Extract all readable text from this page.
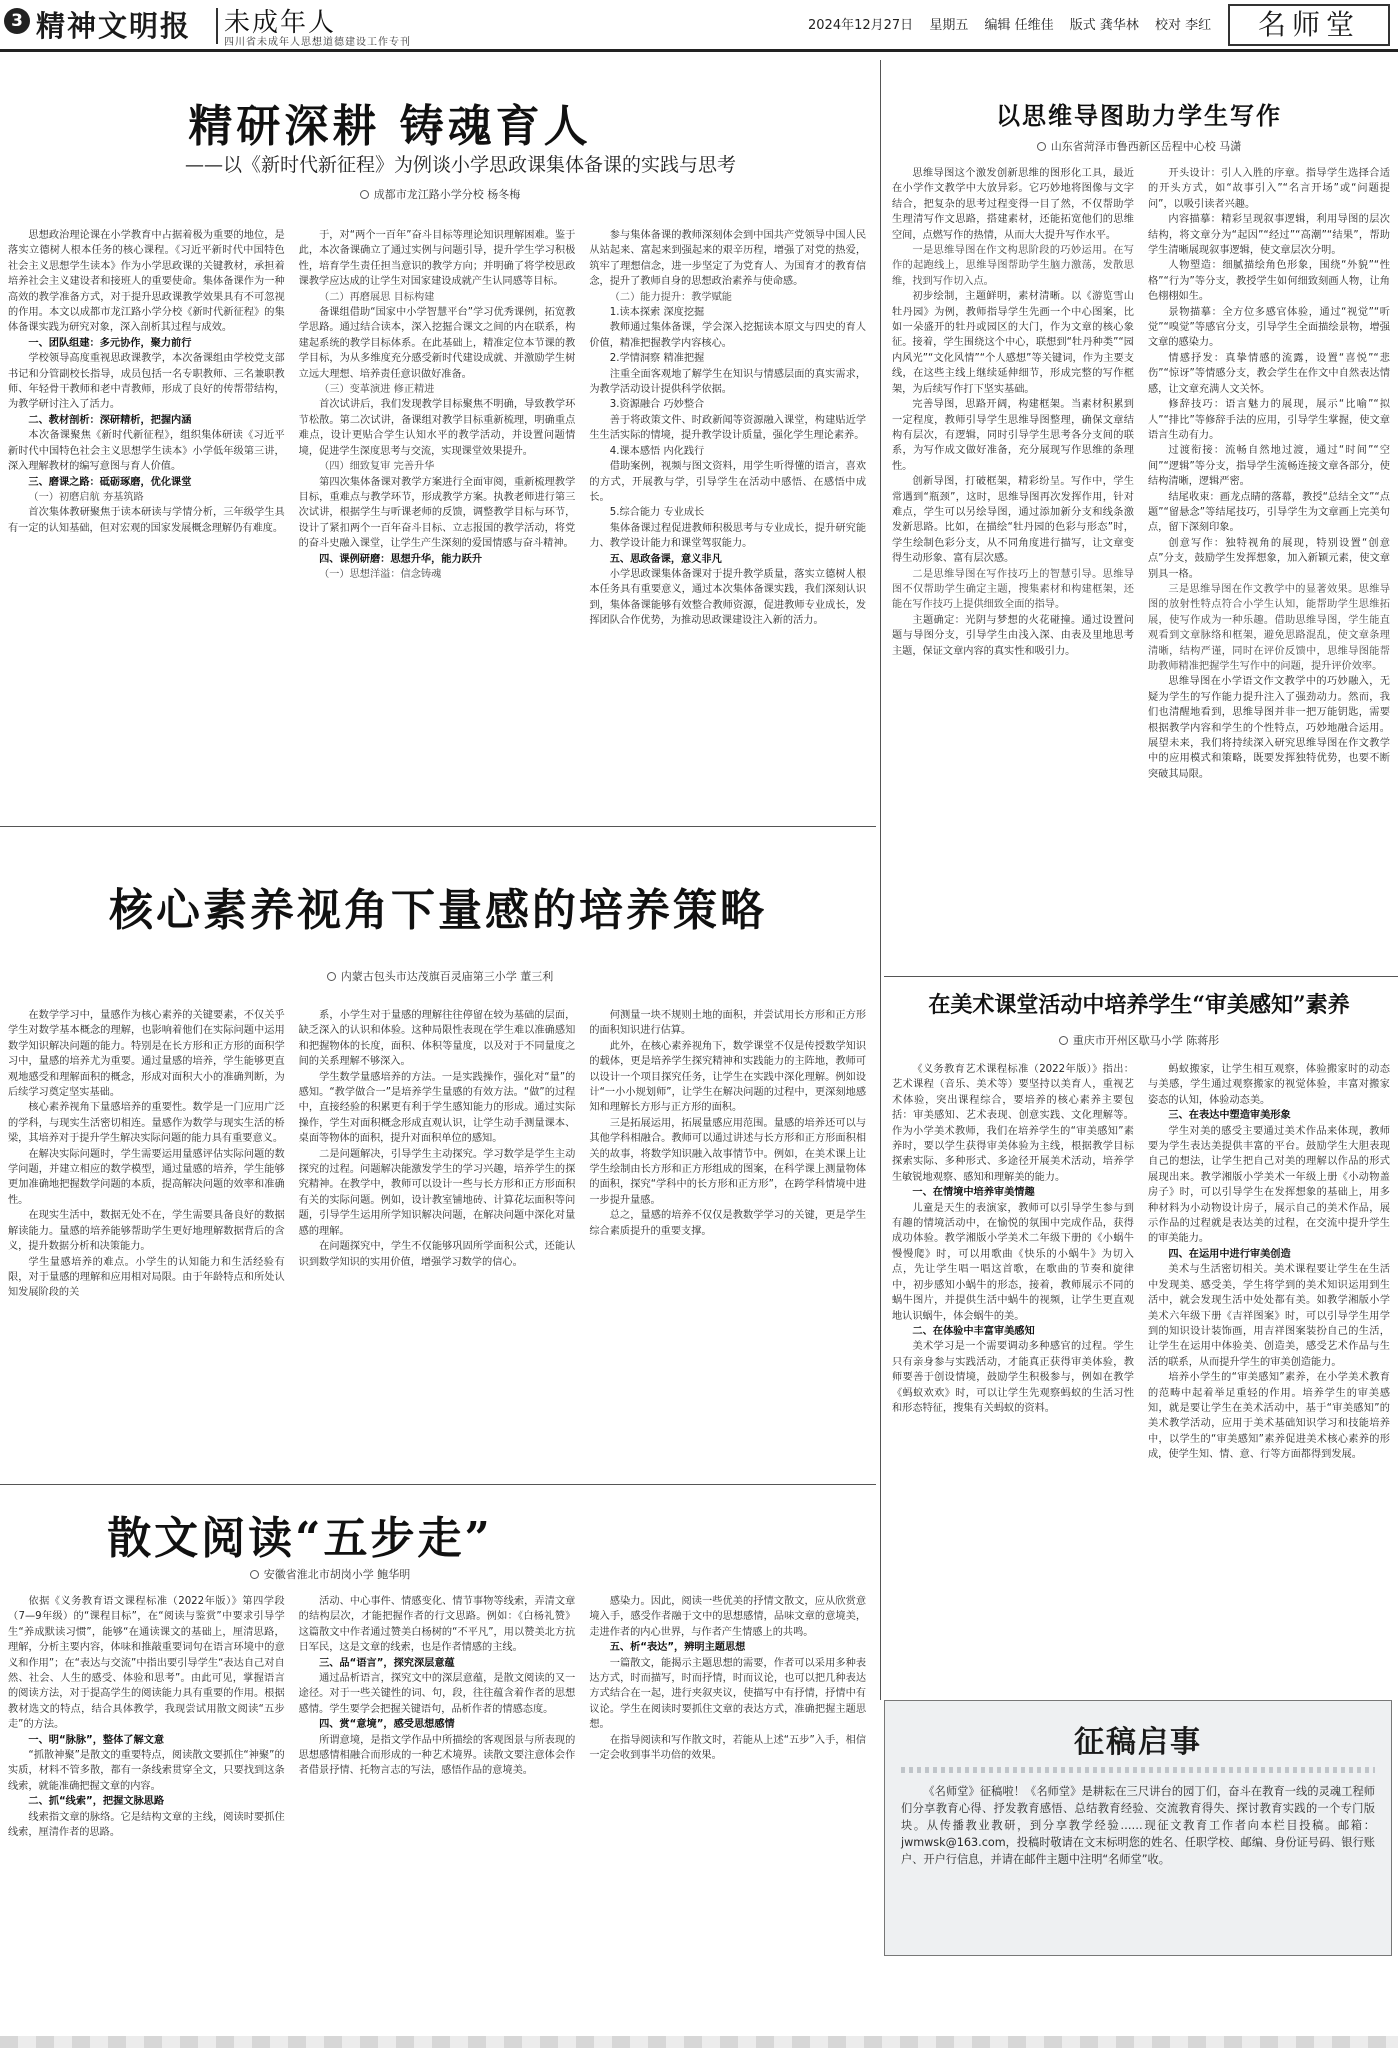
3 精神文明报 未成年人
四川省未成年人思想道德建设工作专刊
2024年12月27日 星期五 编辑 任维佳 版式 龚华林 校对 李红	名师堂
精研深耕 铸魂育人
——以《新时代新征程》为例谈小学思政课集体备课的实践与思考
成都市龙江路小学分校 杨冬梅

思想政治理论课在小学教育中占据着极为重要的地位，是落实立德树人根本任务的核心课程。《习近平新时代中国特色社会主义思想学生读本》作为小学思政课的关键教材，承担着培养社会主义建设者和接班人的重要使命。集体备课作为一种高效的教学准备方式，对于提升思政课教学效果具有不可忽视的作用。本文以成都市龙江路小学分校《新时代新征程》的集体备课实践为研究对象，深入剖析其过程与成效。

一、团队组建：多元协作，聚力前行

学校领导高度重视思政课教学，本次备课组由学校党支部书记和分管副校长指导，成员包括一名专职教师、三名兼职教师、年轻骨干教师和老中青教师，形成了良好的传帮带结构，为教学研讨注入了活力。

二、教材剖析：深研精析，把握内涵

本次备课聚焦《新时代新征程》，组织集体研读《习近平新时代中国特色社会主义思想学生读本》小学低年级第三讲，深入理解教材的编写意图与育人价值。

三、磨课之路：砥砺琢磨，优化课堂

（一）初磨启航 夯基筑路

首次集体教研聚焦于读本研读与学情分析，三年级学生具有一定的认知基础，但对宏观的国家发展概念理解仍有难度。

于，对“两个一百年”奋斗目标等理论知识理解困难。鉴于此，本次备课确立了通过实例与问题引导，提升学生学习积极性，培育学生责任担当意识的教学方向；并明确了将学校思政课教学应达成的让学生对国家建设成就产生认同感等目标。

（二）再磨展思 目标构建

备课组借助“国家中小学智慧平台”学习优秀课例，拓宽教学思路。通过结合读本，深入挖掘合课文之间的内在联系，构建起系统的教学目标体系。在此基础上，精准定位本节课的教学目标，为从多维度充分感受新时代建设成就、并激励学生树立远大理想、培养责任意识做好准备。

（三）变革演进 修正精进

首次试讲后，我们发现教学目标聚焦不明确，导致教学环节松散。第二次试讲，备课组对教学目标重新梳理，明确重点难点，设计更贴合学生认知水平的教学活动，并设置问题情境，促进学生深度思考与交流，实现课堂效果提升。

（四）细致复审 完善升华

第四次集体备课对教学方案进行全面审阅，重新梳理教学目标，重难点与教学环节，形成教学方案。执教老师进行第三次试讲，根据学生与听课老师的反馈，调整教学目标与环节，设计了紧扣两个一百年奋斗目标、立志报国的教学活动，将党的奋斗史融入课堂，让学生产生深刻的爱国情感与奋斗精神。

四、课例研磨：思想升华，能力跃升

（一）思想洋溢：信念铸魂

参与集体备课的教师深刻体会到中国共产党领导中国人民从站起来、富起来到强起来的艰辛历程，增强了对党的热爱，筑牢了理想信念，进一步坚定了为党育人、为国育才的教育信念，提升了教师自身的思想政治素养与使命感。

（二）能力提升：教学赋能

1.读本探索 深度挖掘

教师通过集体备课，学会深入挖掘读本原文与四史的育人价值，精准把握教学内容核心。

2.学情洞察 精准把握

注重全面客观地了解学生在知识与情感层面的真实需求，为教学活动设计提供科学依据。

3.资源融合 巧妙整合

善于将政策文件、时政新闻等资源融入课堂，构建贴近学生生活实际的情境，提升教学设计质量，强化学生理论素养。

4.课本感悟 内化践行

借助案例，视频与图文资料，用学生听得懂的语言，喜欢的方式，开展教与学，引导学生在活动中感悟、在感悟中成长。

5.综合能力 专业成长

集体备课过程促进教师积极思考与专业成长，提升研究能力、教学设计能力和课堂驾驭能力。

五、思政备课，意义非凡

小学思政课集体备课对于提升教学质量，落实立德树人根本任务具有重要意义，通过本次集体备课实践，我们深刻认识到，集体备课能够有效整合教师资源，促进教师专业成长，发挥团队合作优势，为推动思政课建设注入新的活力。

以思维导图助力学生写作
山东省菏泽市鲁西新区岳程中心校 马潇

思维导图这个激发创新思维的图形化工具，最近在小学作文教学中大放异彩。它巧妙地将图像与文字结合，把复杂的思考过程变得一目了然，不仅帮助学生理清写作文思路，搭建素材，还能拓宽他们的思维空间，点燃写作的热情，从而大大提升写作水平。

一是思维导图在作文构思阶段的巧妙运用。在写作的起跑线上，思维导图帮助学生脑力激荡，发散思维，找到写作切入点。

初步绘制，主题鲜明，素材清晰。以《游览雪山牡丹园》为例，教师指导学生先画一个中心图案，比如一朵盛开的牡丹或园区的大门，作为文章的核心象征。接着，学生围绕这个中心，联想到“牡丹种类”“园内风光”“文化风情”“个人感想”等关键词，作为主要支线，在这些主线上继续延伸细节，形成完整的写作框架，为后续写作打下坚实基础。

完善导图，思路开阔，构建框架。当素材积累到一定程度，教师引导学生思维导图整理，确保文章结构有层次，有逻辑，同时引导学生思考各分支间的联系，为写作成文做好准备，充分展现写作思维的条理性。

创新导图，打破框架，精彩纷呈。写作中，学生常遇到“瓶颈”，这时，思维导图再次发挥作用，针对难点，学生可以另绘导图，通过添加新分支和线条激发新思路。比如，在描绘“牡丹园的色彩与形态”时，学生绘制色彩分支，从不同角度进行描写，让文章变得生动形象、富有层次感。

二是思维导图在写作技巧上的智慧引导。思维导图不仅帮助学生确定主题，搜集素材和构建框架，还能在写作技巧上提供细致全面的指导。

主题确定：光阴与梦想的火花碰撞。通过设置问题与导图分支，引导学生由浅入深、由表及里地思考主题，保证文章内容的真实性和吸引力。

开头设计：引人入胜的序章。指导学生选择合适的开头方式，如“故事引入”“名言开场”或“问题提问”，以吸引读者兴趣。

内容描摹：精彩呈现叙事逻辑，利用导图的层次结构，将文章分为“起因”“经过”“高潮”“结果”，帮助学生清晰展现叙事逻辑，使文章层次分明。

人物塑造：细腻描绘角色形象，围绕“外貌”“性格”“行为”等分支，教授学生如何细致刻画人物，让角色栩栩如生。

景物描摹：全方位多感官体验，通过“视觉”“听觉”“嗅觉”等感官分支，引导学生全面描绘景物，增强文章的感染力。

情感抒发：真挚情感的流露，设置“喜悦”“悲伤”“惊讶”等情感分支，教会学生在作文中自然表达情感，让文章充满人文关怀。

修辞技巧：语言魅力的展现，展示“比喻”“拟人”“排比”等修辞手法的应用，引导学生掌握，使文章语言生动有力。

过渡衔接：流畅自然地过渡，通过“时间”“空间”“逻辑”等分支，指导学生流畅连接文章各部分，使结构清晰，逻辑严密。

结尾收束：画龙点睛的落幕，教授“总结全文”“点题”“留悬念”等结尾技巧，引导学生为文章画上完美句点，留下深刻印象。

创意写作：独特视角的展现，特别设置“创意点”分支，鼓励学生发挥想象，加入新颖元素，使文章别具一格。

三是思维导图在作文教学中的显著效果。思维导图的放射性特点符合小学生认知，能帮助学生思维拓展，使写作成为一种乐趣。借助思维导图，学生能直观看到文章脉络和框架，避免思路混乱，使文章条理清晰，结构严谨，同时在评价反馈中，思维导图能帮助教师精准把握学生写作中的问题，提升评价效率。

思维导图在小学语文作文教学中的巧妙融入，无疑为学生的写作能力提升注入了强劲动力。然而，我们也清醒地看到，思维导图并非一把万能钥匙，需要根据教学内容和学生的个性特点，巧妙地融合运用。展望未来，我们将持续深入研究思维导图在作文教学中的应用模式和策略，既要发挥独特优势，也要不断突破其局限。

核心素养视角下量感的培养策略
内蒙古包头市达茂旗百灵庙第三小学 董三利

在数学学习中，量感作为核心素养的关键要素，不仅关乎学生对数学基本概念的理解，也影响着他们在实际问题中运用数学知识解决问题的能力。特别是在长方形和正方形的面积学习中，量感的培养尤为重要。通过量感的培养，学生能够更直观地感受和理解面积的概念，形成对面积大小的准确判断，为后续学习奠定坚实基础。

核心素养视角下量感培养的重要性。数学是一门应用广泛的学科，与现实生活密切相连。量感作为数学与现实生活的桥梁，其培养对于提升学生解决实际问题的能力具有重要意义。

在解决实际问题时，学生需要运用量感评估实际问题的数学问题，并建立相应的数学模型，通过量感的培养，学生能够更加准确地把握数学问题的本质，提高解决问题的效率和准确性。

在现实生活中，数据无处不在，学生需要具备良好的数据解读能力。量感的培养能够帮助学生更好地理解数据背后的含义，提升数据分析和决策能力。

学生量感培养的难点。小学生的认知能力和生活经验有限，对于量感的理解和应用相对局限。由于年龄特点和所处认知发展阶段的关

系，小学生对于量感的理解往往停留在较为基础的层面，缺乏深入的认识和体验。这种局限性表现在学生难以准确感知和把握物体的长度，面积、体积等量度，以及对于不同量度之间的关系理解不够深入。

学生数学量感培养的方法。一是实践操作，强化对“量”的感知。“教学做合一”是培养学生量感的有效方法。“做”的过程中，直接经验的积累更有利于学生感知能力的形成。通过实际操作，学生对面积概念形成直观认识，让学生动手测量课本、桌面等物体的面积，提升对面积单位的感知。

二是问题解决，引导学生主动探究。学习数学是学生主动探究的过程。问题解决能激发学生的学习兴趣，培养学生的探究精神。在教学中，教师可以设计一些与长方形和正方形面积有关的实际问题。例如，设计教室铺地砖、计算花坛面积等问题，引导学生运用所学知识解决问题，在解决问题中深化对量感的理解。

在问题探究中，学生不仅能够巩固所学面积公式，还能认识到数学知识的实用价值，增强学习数学的信心。

何测量一块不规则土地的面积，并尝试用长方形和正方形的面积知识进行估算。

此外，在核心素养视角下，数学课堂不仅是传授数学知识的载体，更是培养学生探究精神和实践能力的主阵地，教师可以设计一个项目探究任务，让学生在实践中深化理解。例如设计“一小小规划师”，让学生在解决问题的过程中，更深刻地感知和理解长方形与正方形的面积。

三是拓展运用，拓展量感应用范围。量感的培养还可以与其他学科相融合。教师可以通过讲述与长方形和正方形面积相关的故事，将数学知识融入故事情节中。例如，在美术课上让学生绘制由长方形和正方形组成的图案，在科学课上测量物体的面积，探究“学科中的长方形和正方形”，在跨学科情境中进一步提升量感。

总之，量感的培养不仅仅是教数学学习的关键，更是学生综合素质提升的重要支撑。

在美术课堂活动中培养学生“审美感知”素养
重庆市开州区歇马小学 陈蒋彤

《义务教育艺术课程标准（2022年版）》指出：艺术课程（音乐、美术等）要坚持以美育人，重视艺术体验，突出课程综合，要培养的核心素养主要包括：审美感知、艺术表现、创意实践、文化理解等。作为小学美术教师，我们在培养学生的“审美感知”素养时，要以学生获得审美体验为主线，根据教学目标探索实际、多种形式、多途径开展美术活动，培养学生敏锐地观察、感知和理解美的能力。

一、在情境中培养审美情趣

儿童是天生的表演家，教师可以引导学生参与到有趣的情境活动中，在愉悦的氛围中完成作品，获得成功体验。教学湘版小学美术二年级下册的《小蜗牛慢慢爬》时，可以用歌曲《快乐的小蜗牛》为切入点，先让学生唱一唱这首歌，在歌曲的节奏和旋律中，初步感知小蜗牛的形态，接着，教师展示不同的蜗牛图片，并提供生活中蜗牛的视频，让学生更直观地认识蜗牛，体会蜗牛的美。

二、在体验中丰富审美感知

美术学习是一个需要调动多种感官的过程。学生只有亲身参与实践活动，才能真正获得审美体验，教师要善于创设情境，鼓励学生积极参与，例如在教学《蚂蚁欢欢》时，可以让学生先观察蚂蚁的生活习性和形态特征，搜集有关蚂蚁的资料。

蚂蚁搬家，让学生相互观察，体验搬家时的动态与美感，学生通过观察搬家的视觉体验，丰富对搬家姿态的认知，体验动态美。

三、在表达中塑造审美形象

学生对美的感受主要通过美术作品来体现，教师要为学生表达美提供丰富的平台。鼓励学生大胆表现自己的想法，让学生把自己对美的理解以作品的形式展现出来。教学湘版小学美术一年级上册《小动物盖房子》时，可以引导学生在发挥想象的基础上，用多种材料为小动物设计房子，展示自己的美术作品，展示作品的过程就是表达美的过程，在交流中提升学生的审美能力。

四、在运用中进行审美创造

美术与生活密切相关。美术课程要让学生在生活中发现美、感受美，学生将学到的美术知识运用到生活中，就会发现生活中处处都有美。如教学湘版小学美术六年级下册《吉祥图案》时，可以引导学生用学到的知识设计装饰画，用吉祥图案装扮自己的生活，让学生在运用中体验美、创造美，感受艺术作品与生活的联系，从而提升学生的审美创造能力。

培养小学生的“审美感知”素养，在小学美术教育的范畴中起着举足重轻的作用。培养学生的审美感知，就是要让学生在美术活动中，基于“审美感知”的美术教学活动，应用于美术基础知识学习和技能培养中，以学生的“审美感知”素养促进美术核心素养的形成，使学生知、情、意、行等方面都得到发展。

散文阅读“五步走”
安徽省淮北市胡岗小学 鲍华明

依据《义务教育语文课程标准（2022年版）》第四学段（7—9年级）的“课程目标”，在“阅读与鉴赏”中要求引导学生“养成默读习惯”，能够“在通读课文的基础上，厘清思路，理解，分析主要内容，体味和推敲重要词句在语言环境中的意义和作用”；在“表达与交流”中指出要引导学生“表达自己对自然、社会、人生的感受、体验和思考”。由此可见，掌握语言的阅读方法，对于提高学生的阅读能力具有重要的作用。根据教材选文的特点，结合具体教学，我现尝试用散文阅读“五步走”的方法。

一、明“脉脉”，整体了解文意

“抓散神聚”是散文的重要特点，阅读散文要抓住“神聚”的实质，材料不管多散，都有一条线索贯穿全文，只要找到这条线索，就能准确把握文章的内容。

二、抓“线索”，把握文脉思路

线索指文章的脉络。它是结构文章的主线，阅读时要抓住线索，厘清作者的思路。

活动、中心事件、情感变化、情节事物等线索，弄清文章的结构层次，才能把握作者的行文思路。例如：《白杨礼赞》这篇散文中作者通过赞美白杨树的“不平凡”，用以赞美北方抗日军民，这是文章的线索，也是作者情感的主线。

三、品“语言”，探究深层意蕴

通过品析语言，探究文中的深层意蕴，是散文阅读的又一途径。对于一些关键性的词、句，段，往往蕴含着作者的思想感情。学生要学会把握关键语句，品析作者的情感态度。

四、赏“意境”，感受思想感情

所谓意境，是指文学作品中所描绘的客观图景与所表现的思想感情相融合而形成的一种艺术境界。读散文要注意体会作者借景抒情、托物言志的写法，感悟作品的意境美。

感染力。因此，阅读一些优美的抒情文散文，应从欣赏意境入手，感受作者融于文中的思想感情，品味文章的意境美，走进作者的内心世界，与作者产生情感上的共鸣。

五、析“表达”，辨明主题思想

一篇散文，能揭示主题思想的需要，作者可以采用多种表达方式，时而描写，时而抒情，时而议论，也可以把几种表达方式结合在一起，进行夹叙夹议，使描写中有抒情，抒情中有议论。学生在阅读时要抓住文章的表达方式，准确把握主题思想。

在指导阅读和写作散文时，若能从上述“五步”入手，相信一定会收到事半功倍的效果。	征稿启事
《名师堂》征稿啦！《名师堂》是耕耘在三尺讲台的园丁们，奋斗在教育一线的灵魂工程师们分享教育心得、抒发教育感悟、总结教育经验、交流教育得失、探讨教育实践的一个专门版块。从传播教业教研，到分享教学经验……现征文教育工作者向本栏目投稿。邮箱：jwmwsk@163.com，投稿时敬请在文末标明您的姓名、任职学校、邮编、身份证号码、银行账户、开户行信息，并请在邮件主题中注明“名师堂”收。
